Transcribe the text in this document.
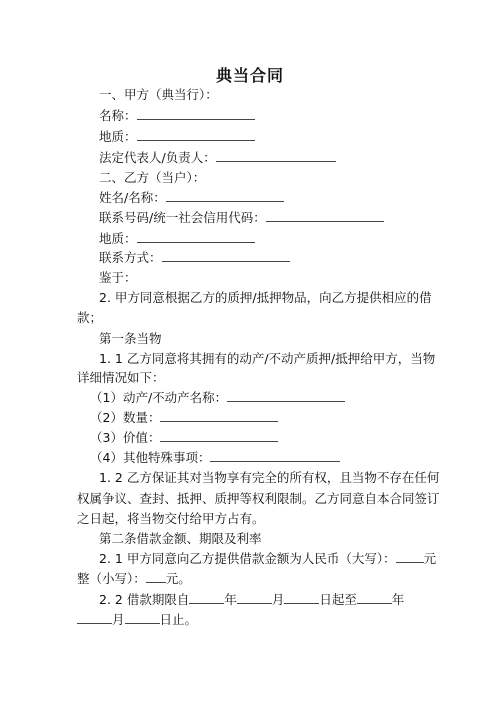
典当合同
一、甲方（典当行）：
名称：
地质：
法定代表人/负责人：
二、乙方（当户）：
姓名/名称：
联系号码/统一社会信用代码：
地质：
联系方式：
鉴于：
2. 甲方同意根据乙方的质押/抵押物品，向乙方提供相应的借
款；
第一条当物
1. 1 乙方同意将其拥有的动产/不动产质押/抵押给甲方，当物
详细情况如下：
（1）动产/不动产名称：
（2）数量：
（3）价值：
（4）其他特殊事项：
1. 2 乙方保证其对当物享有完全的所有权，且当物不存在任何
权属争议、查封、抵押、质押等权利限制。乙方同意自本合同签订
之日起，将当物交付给甲方占有。
第二条借款金额、期限及利率
2. 1 甲方同意向乙方提供借款金额为人民币（大写）： 元
整（小写）： 元。
2. 2 借款期限自	年	月	日起至	年
月	日止。
